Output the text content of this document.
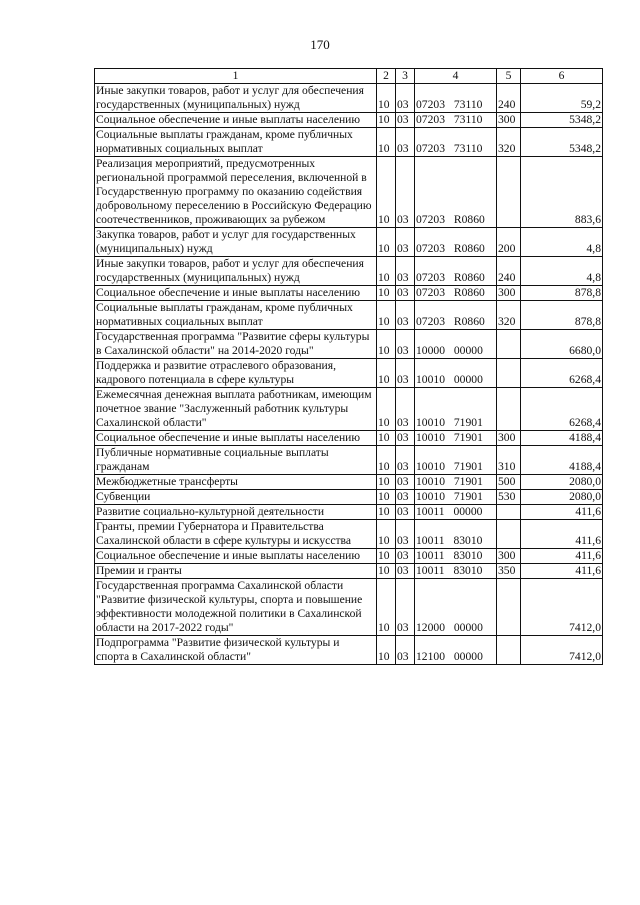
170
1	2	3	4	5	6
Иные закупки товаров, работ и услуг для обеспечения государственных (муниципальных) нужд	10	03	07203 73110	240	59,2
Социальное обеспечение и иные выплаты населению	10	03	07203 73110	300	5348,2
Социальные выплаты гражданам, кроме публичных нормативных социальных выплат	10	03	07203 73110	320	5348,2
Реализация мероприятий, предусмотренных региональной программой переселения, включенной в Государственную программу по оказанию содействия добровольному переселению в Российскую Федерацию соотечественников, проживающих за рубежом	10	03	07203 R0860		883,6
Закупка товаров, работ и услуг для государственных (муниципальных) нужд	10	03	07203 R0860	200	4,8
Иные закупки товаров, работ и услуг для обеспечения государственных (муниципальных) нужд	10	03	07203 R0860	240	4,8
Социальное обеспечение и иные выплаты населению	10	03	07203 R0860	300	878,8
Социальные выплаты гражданам, кроме публичных нормативных социальных выплат	10	03	07203 R0860	320	878,8
Государственная программа "Развитие сферы культуры в Сахалинской области" на 2014-2020 годы"	10	03	10000 00000		6680,0
Поддержка и развитие отраслевого образования, кадрового потенциала в сфере культуры	10	03	10010 00000		6268,4
Ежемесячная денежная выплата работникам, имеющим почетное звание "Заслуженный работник культуры Сахалинской области"	10	03	10010 71901		6268,4
Социальное обеспечение и иные выплаты населению	10	03	10010 71901	300	4188,4
Публичные нормативные социальные выплаты гражданам	10	03	10010 71901	310	4188,4
Межбюджетные трансферты	10	03	10010 71901	500	2080,0
Субвенции	10	03	10010 71901	530	2080,0
Развитие социально-культурной деятельности	10	03	10011 00000		411,6
Гранты, премии Губернатора и Правительства Сахалинской области в сфере культуры и искусства	10	03	10011 83010		411,6
Социальное обеспечение и иные выплаты населению	10	03	10011 83010	300	411,6
Премии и гранты	10	03	10011 83010	350	411,6
Государственная программа Сахалинской области "Развитие физической культуры, спорта и повышение эффективности молодежной политики в Сахалинской области на 2017-2022 годы"	10	03	12000 00000		7412,0
Подпрограмма "Развитие физической культуры и спорта в Сахалинской области"	10	03	12100 00000		7412,0
